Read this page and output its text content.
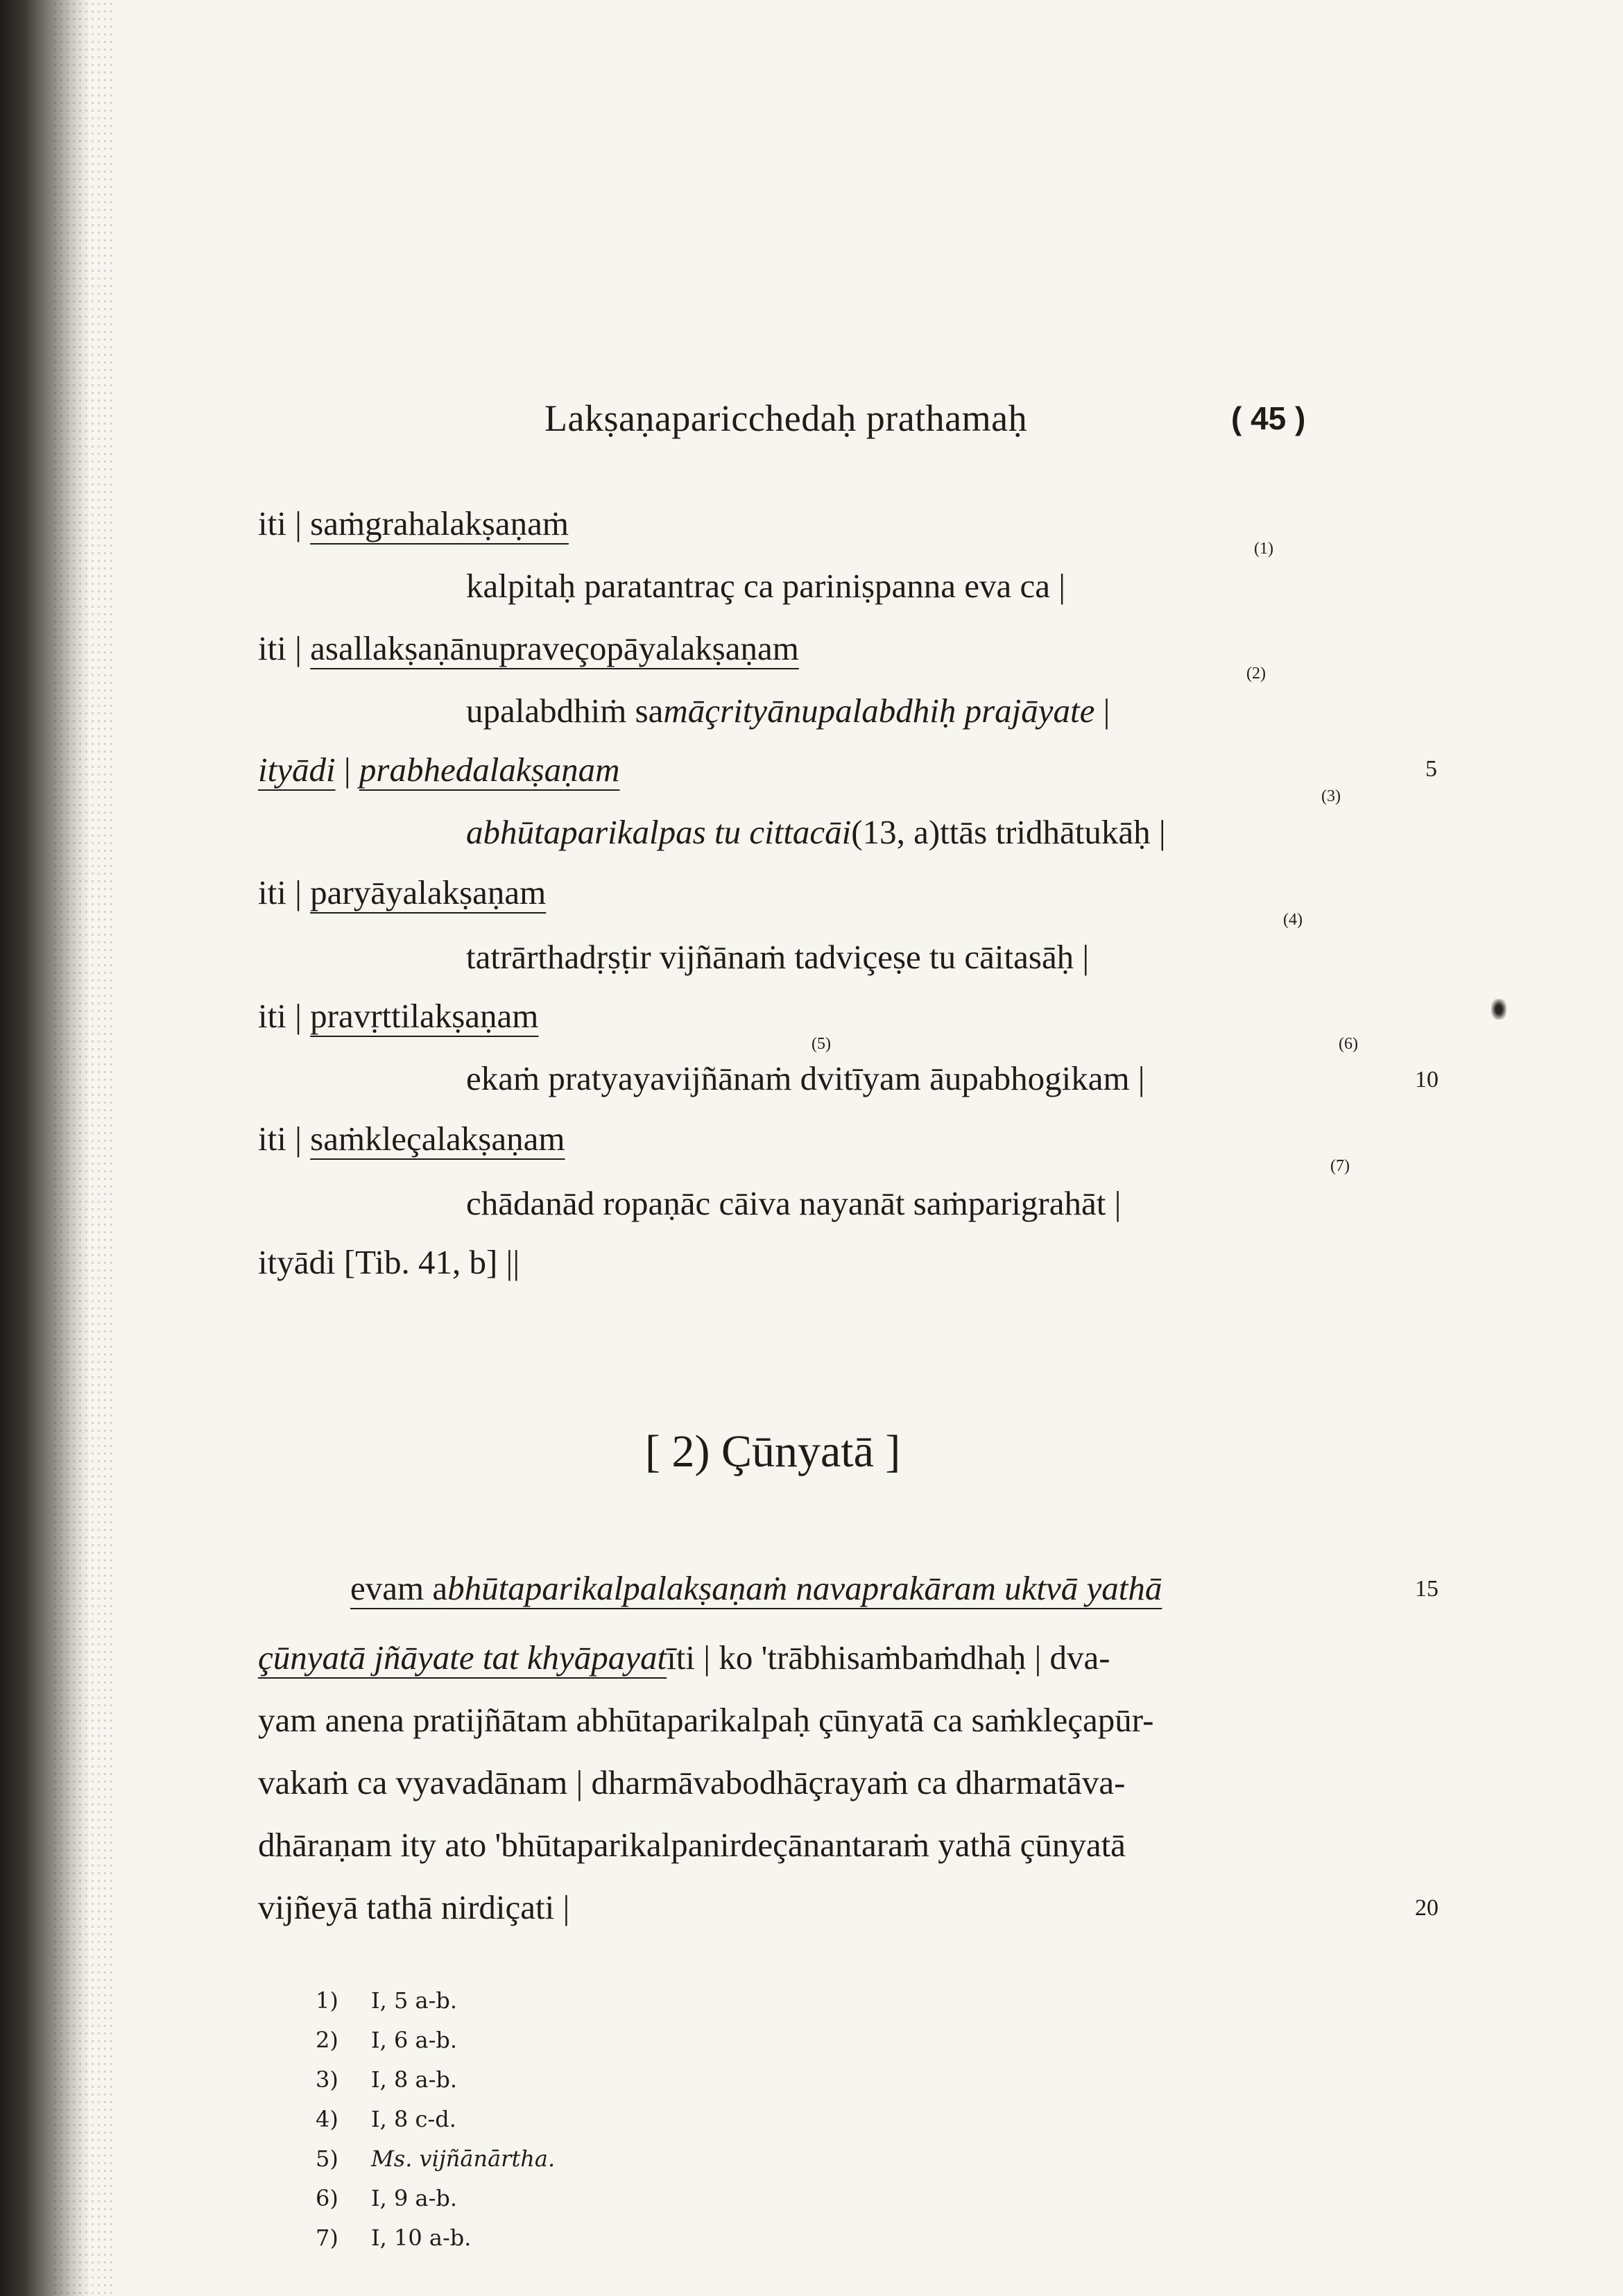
Lakṣaṇaparicchedaḥ prathamaḥ	( 45 )
iti | saṁgrahalakṣaṇaṁ
(1)
kalpitaḥ paratantraç ca pariniṣpanna eva ca |
iti | asallakṣaṇānupraveçopāyalakṣaṇam
(2)
upalabdhiṁ samāçrityānupalabdhiḥ prajāyate |
ityādi | prabhedalakṣaṇam	5
(3)
abhūtaparikalpas tu cittacāi(13, a)ttās tridhātukāḥ |
iti | paryāyalakṣaṇam
(4)
tatrārthadṛṣṭir vijñānaṁ tadviçeṣe tu cāitasāḥ |
iti | pravṛttilakṣaṇam
(5)	(6)
ekaṁ pratyayavijñānaṁ dvitīyam āupabhogikam |	10
iti | saṁkleçalakṣaṇam
(7)
chādanād ropaṇāc cāiva nayanāt saṁparigrahāt |
ityādi [Tib. 41, b] ||
[ 2) Çūnyatā ]
evam abhūtaparikalpalakṣaṇaṁ navaprakāram uktvā yathā	15
çūnyatā jñāyate tat khyāpayatīti | ko 'trābhisaṁbaṁdhaḥ | dva-
yam anena pratijñātam abhūtaparikalpaḥ çūnyatā ca saṁkleçapūr-
vakaṁ ca vyavadānam | dharmāvabodhāçrayaṁ ca dharmatāva-
dhāraṇam ity ato 'bhūtaparikalpanirdeçānantaraṁ yathā çūnyatā
vijñeyā tathā nirdiçati |	20
1) I, 5 a-b.
2) I, 6 a-b.
3) I, 8 a-b.
4) I, 8 c-d.
5) Ms. vijñānārtha.
6) I, 9 a-b.
7) I, 10 a-b.
